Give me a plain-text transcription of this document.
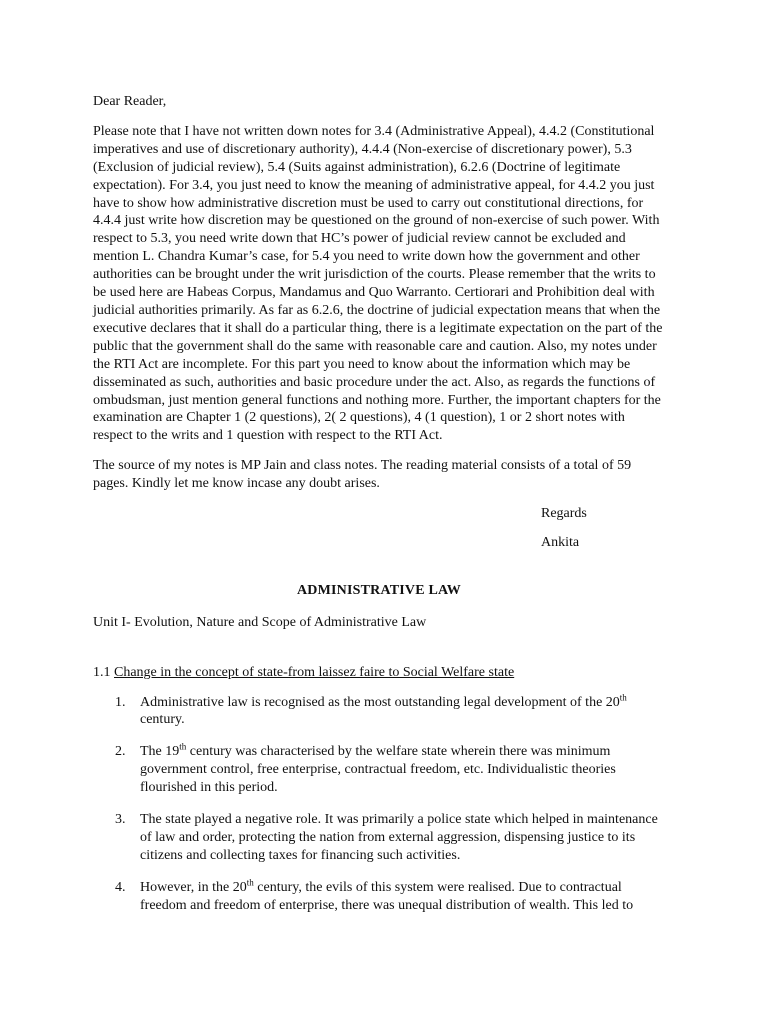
Dear Reader,

Please note that I have not written down notes for 3.4 (Administrative Appeal), 4.4.2 (Constitutional imperatives and use of discretionary authority), 4.4.4 (Non-exercise of discretionary power), 5.3 (Exclusion of judicial review), 5.4 (Suits against administration), 6.2.6 (Doctrine of legitimate expectation). For 3.4, you just need to know the meaning of administrative appeal, for 4.4.2 you just have to show how administrative discretion must be used to carry out constitutional directions, for 4.4.4 just write how discretion may be questioned on the ground of non-exercise of such power. With respect to 5.3, you need write down that HC’s power of judicial review cannot be excluded and mention L. Chandra Kumar’s case, for 5.4 you need to write down how the government and other authorities can be brought under the writ jurisdiction of the courts. Please remember that the writs to be used here are Habeas Corpus, Mandamus and Quo Warranto. Certiorari and Prohibition deal with judicial authorities primarily. As far as 6.2.6, the doctrine of judicial expectation means that when the executive declares that it shall do a particular thing, there is a legitimate expectation on the part of the public that the government shall do the same with reasonable care and caution. Also, my notes under the RTI Act are incomplete. For this part you need to know about the information which may be disseminated as such, authorities and basic procedure under the act. Also, as regards the functions of ombudsman, just mention general functions and nothing more. Further, the important chapters for the examination are Chapter 1 (2 questions), 2( 2 questions), 4 (1 question), 1 or 2 short notes with respect to the writs and 1 question with respect to the RTI Act.

The source of my notes is MP Jain and class notes. The reading material consists of a total of 59 pages. Kindly let me know incase any doubt arises.

Regards
Ankita
ADMINISTRATIVE LAW
Unit I- Evolution, Nature and Scope of Administrative Law
1.1 Change in the concept of state-from laissez faire to Social Welfare state
1. Administrative law is recognised as the most outstanding legal development of the 20th century.
2. The 19th century was characterised by the welfare state wherein there was minimum government control, free enterprise, contractual freedom, etc. Individualistic theories flourished in this period.
3. The state played a negative role. It was primarily a police state which helped in maintenance of law and order, protecting the nation from external aggression, dispensing justice to its citizens and collecting taxes for financing such activities.
4. However, in the 20th century, the evils of this system were realised. Due to contractual freedom and freedom of enterprise, there was unequal distribution of wealth. This led to
